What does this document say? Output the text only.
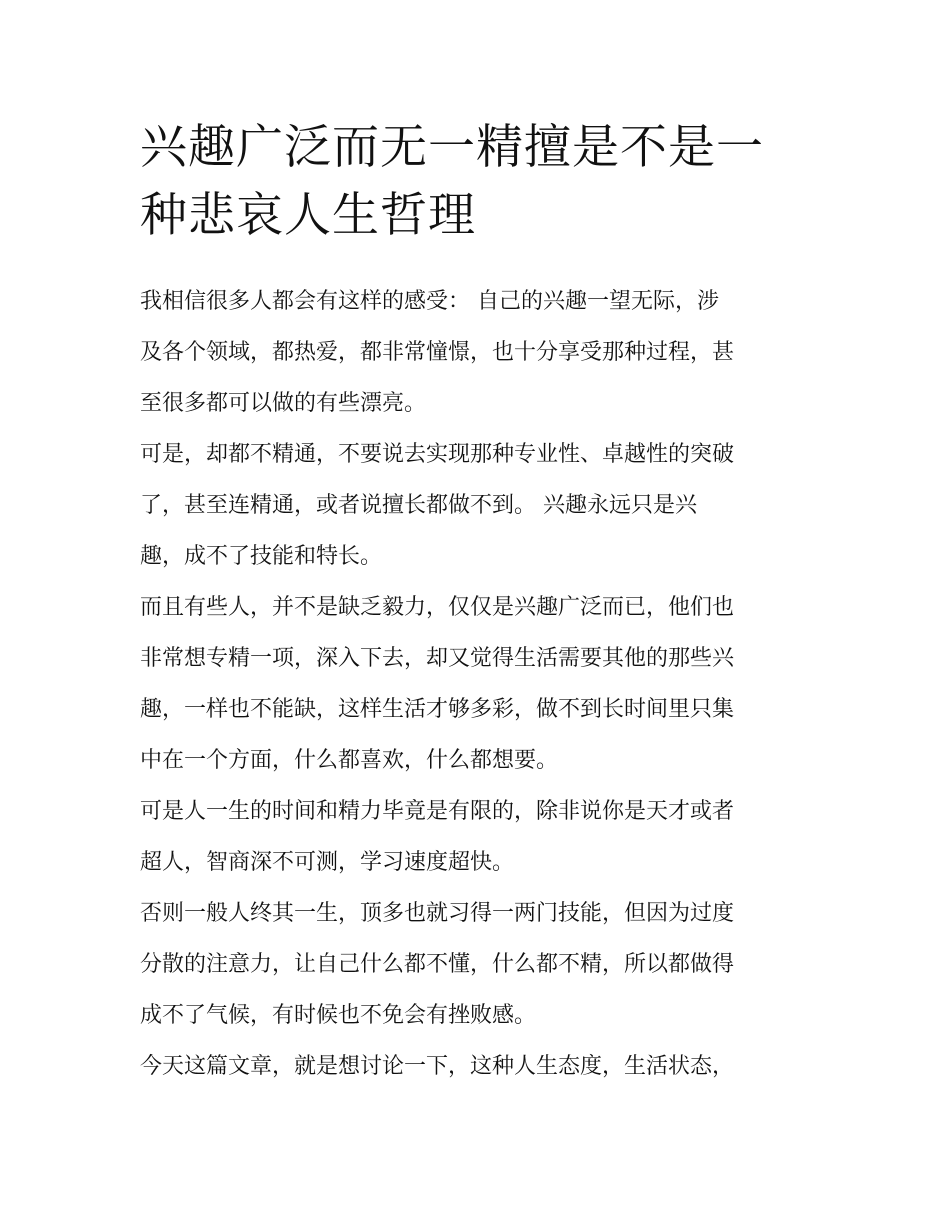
兴趣广泛而无一精擅是不是一
种悲哀人生哲理
我相信很多人都会有这样的感受： 自己的兴趣一望无际，涉
及各个领域，都热爱，都非常憧憬，也十分享受那种过程，甚
至很多都可以做的有些漂亮。
可是，却都不精通，不要说去实现那种专业性、卓越性的突破
了，甚至连精通，或者说擅长都做不到。 兴趣永远只是兴
趣，成不了技能和特长。
而且有些人，并不是缺乏毅力，仅仅是兴趣广泛而已，他们也
非常想专精一项，深入下去，却又觉得生活需要其他的那些兴
趣，一样也不能缺，这样生活才够多彩，做不到长时间里只集
中在一个方面，什么都喜欢，什么都想要。
可是人一生的时间和精力毕竟是有限的，除非说你是天才或者
超人，智商深不可测，学习速度超快。
否则一般人终其一生，顶多也就习得一两门技能，但因为过度
分散的注意力，让自己什么都不懂，什么都不精，所以都做得
成不了气候，有时候也不免会有挫败感。
今天这篇文章，就是想讨论一下，这种人生态度，生活状态，
